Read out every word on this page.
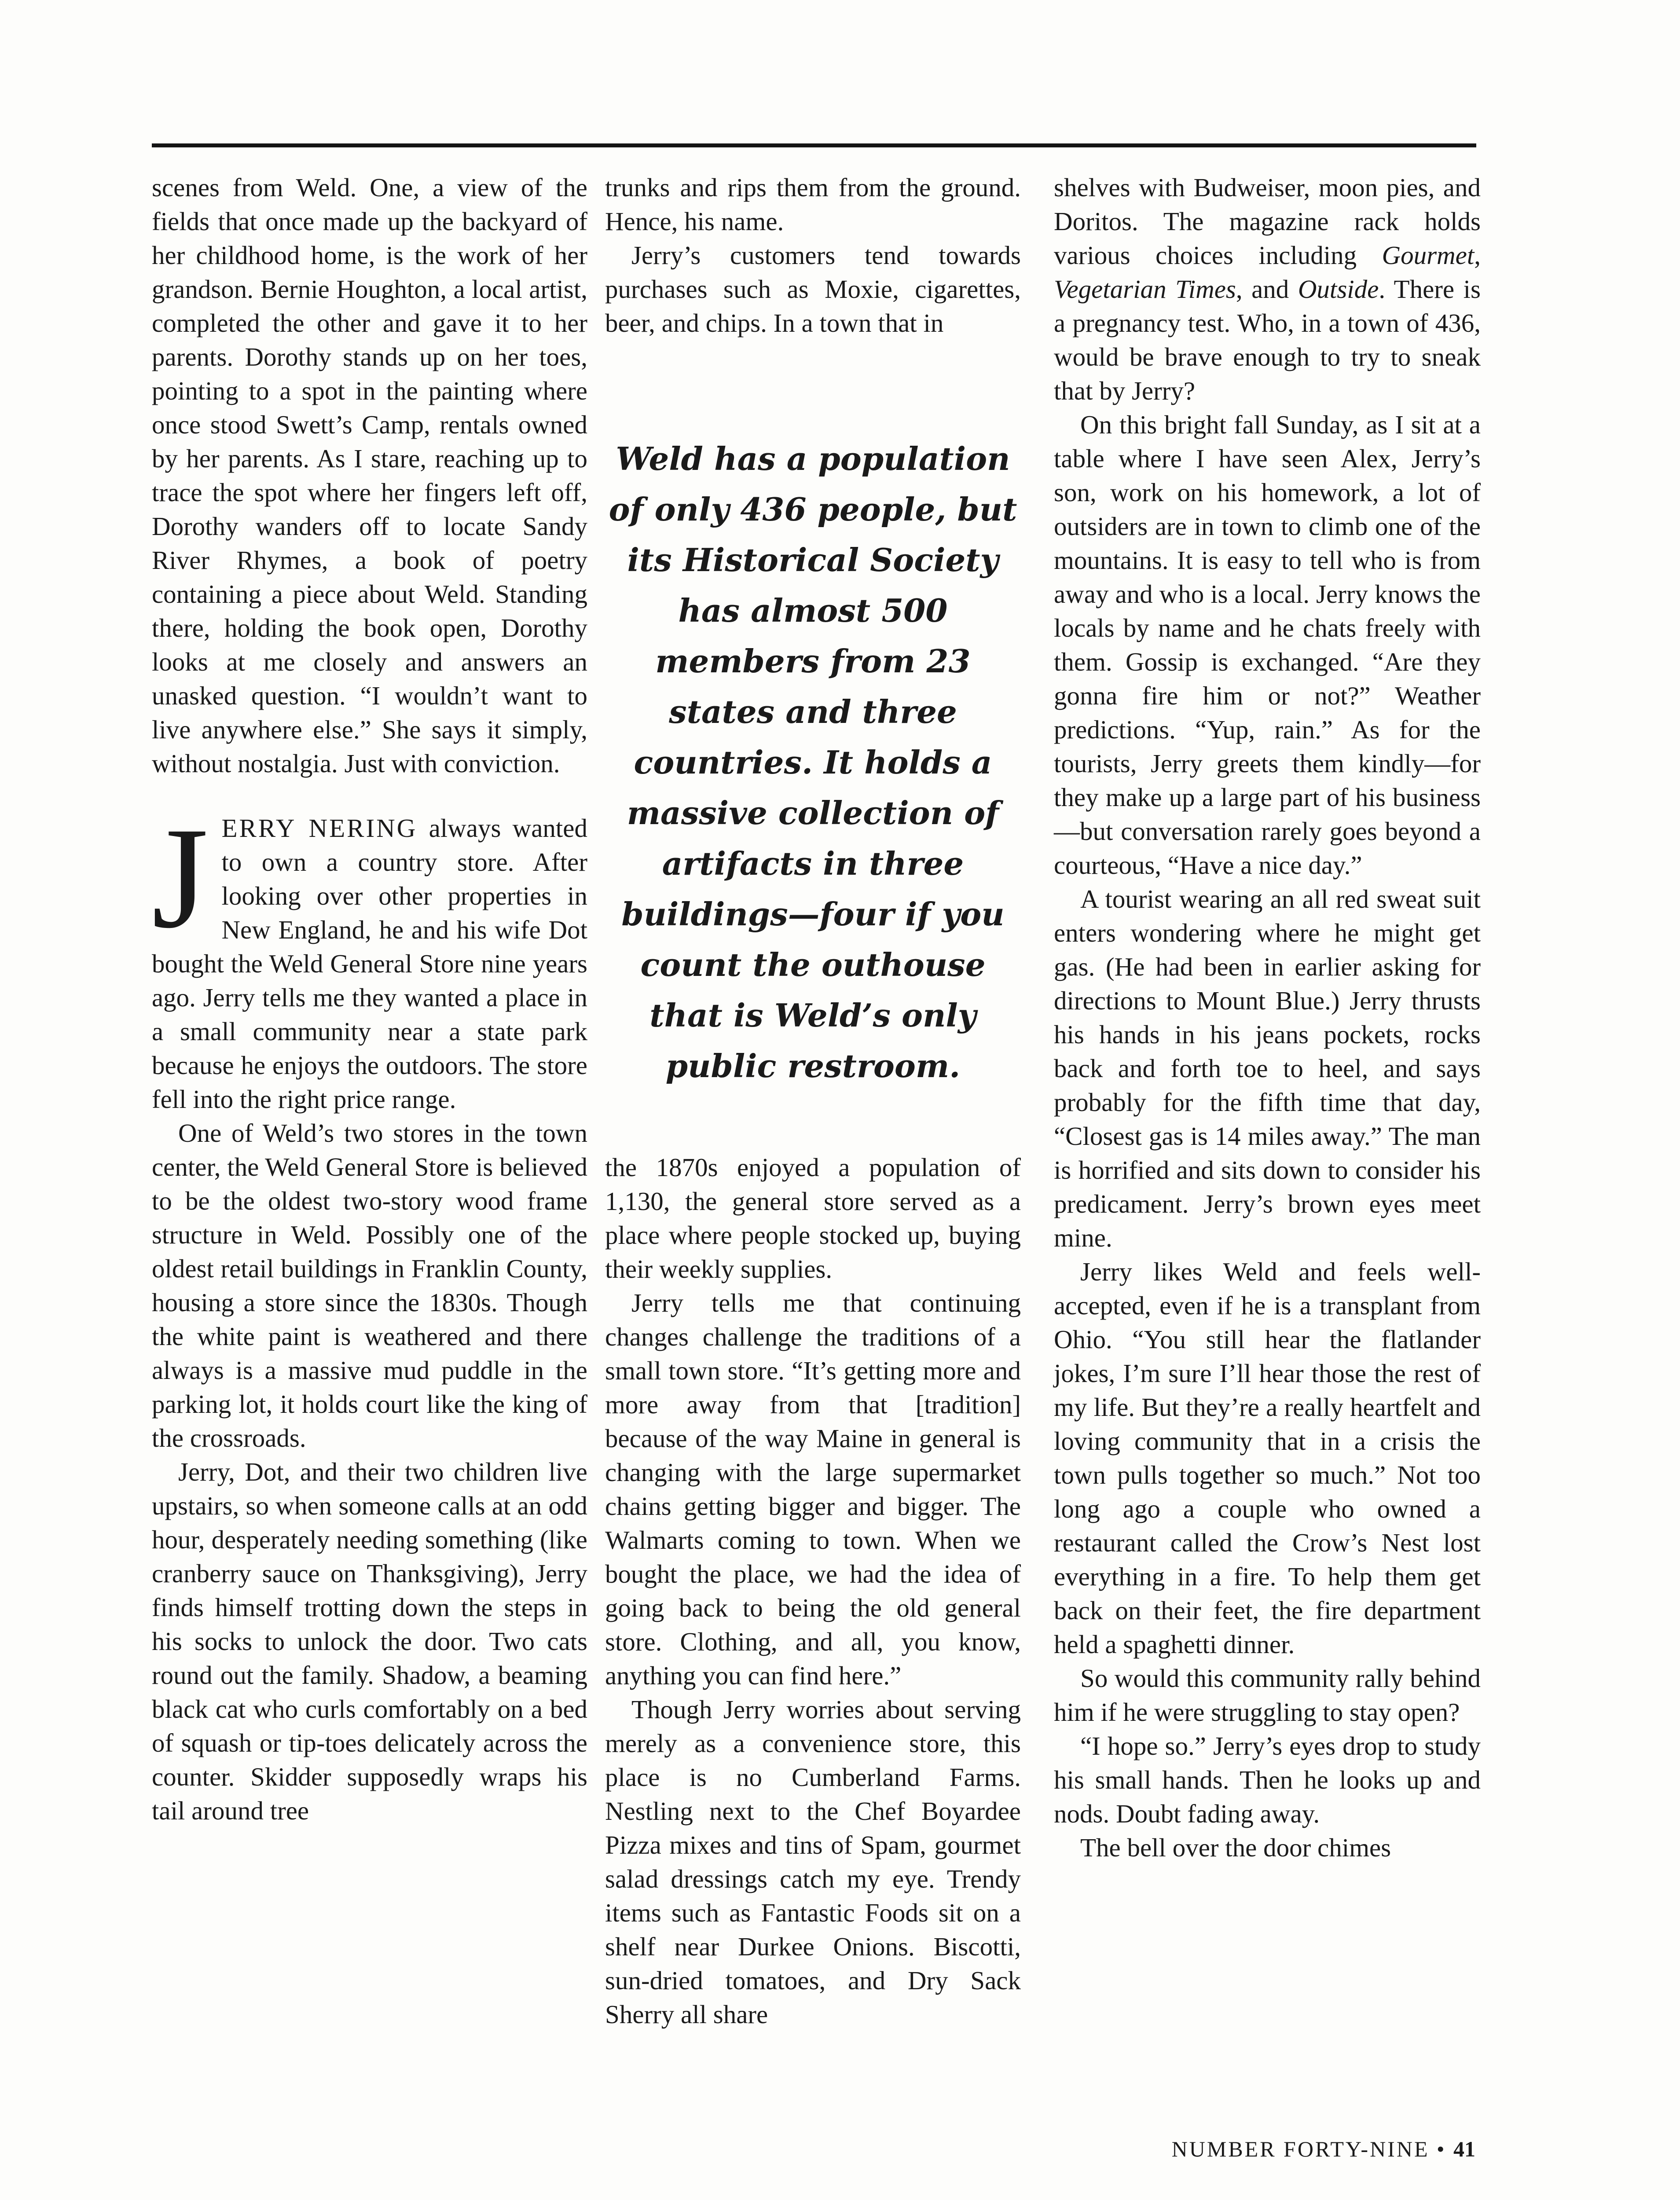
scenes from Weld. One, a view of the fields that once made up the backyard of her childhood home, is the work of her grandson. Bernie Houghton, a local artist, completed the other and gave it to her parents. Dorothy stands up on her toes, pointing to a spot in the painting where once stood Swett’s Camp, rentals owned by her parents. As I stare, reaching up to trace the spot where her fingers left off, Dorothy wanders off to locate Sandy River Rhymes, a book of poetry containing a piece about Weld. Standing there, holding the book open, Dorothy looks at me closely and answers an unasked question. “I wouldn’t want to live anywhere else.” She says it simply, without nostalgia. Just with conviction.

JERRY NERING always wanted to own a country store. After looking over other properties in New England, he and his wife Dot bought the Weld General Store nine years ago. Jerry tells me they wanted a place in a small community near a state park because he enjoys the outdoors. The store fell into the right price range.

One of Weld’s two stores in the town center, the Weld General Store is believed to be the oldest two-story wood frame structure in Weld. Possibly one of the oldest retail buildings in Franklin County, housing a store since the 1830s. Though the white paint is weathered and there always is a massive mud puddle in the parking lot, it holds court like the king of the crossroads.

Jerry, Dot, and their two children live upstairs, so when someone calls at an odd hour, desperately needing something (like cranberry sauce on Thanksgiving), Jerry finds himself trotting down the steps in his socks to unlock the door. Two cats round out the family. Shadow, a beaming black cat who curls comfortably on a bed of squash or tip-toes delicately across the counter. Skidder supposedly wraps his tail around tree

trunks and rips them from the ground. Hence, his name.

Jerry’s customers tend towards purchases such as Moxie, cigarettes, beer, and chips. In a town that in

Weld has a population of only 436 people, but its Historical Society has almost 500 members from 23 states and three countries. It holds a massive collection of artifacts in three buildings—four if you count the outhouse that is Weld’s only public restroom.

the 1870s enjoyed a population of 1,130, the general store served as a place where people stocked up, buying their weekly supplies.

Jerry tells me that continuing changes challenge the traditions of a small town store. “It’s getting more and more away from that [tradition] because of the way Maine in general is changing with the large supermarket chains getting bigger and bigger. The Walmarts coming to town. When we bought the place, we had the idea of going back to being the old general store. Clothing, and all, you know, anything you can find here.”

Though Jerry worries about serving merely as a convenience store, this place is no Cumberland Farms. Nestling next to the Chef Boyardee Pizza mixes and tins of Spam, gourmet salad dressings catch my eye. Trendy items such as Fantastic Foods sit on a shelf near Durkee Onions. Biscotti, sun-dried tomatoes, and Dry Sack Sherry all share

shelves with Budweiser, moon pies, and Doritos. The magazine rack holds various choices including Gourmet, Vegetarian Times, and Outside. There is a pregnancy test. Who, in a town of 436, would be brave enough to try to sneak that by Jerry?

On this bright fall Sunday, as I sit at a table where I have seen Alex, Jerry’s son, work on his homework, a lot of outsiders are in town to climb one of the mountains. It is easy to tell who is from away and who is a local. Jerry knows the locals by name and he chats freely with them. Gossip is exchanged. “Are they gonna fire him or not?” Weather predictions. “Yup, rain.” As for the tourists, Jerry greets them kindly—for they make up a large part of his business—but conversation rarely goes beyond a courteous, “Have a nice day.”

A tourist wearing an all red sweat suit enters wondering where he might get gas. (He had been in earlier asking for directions to Mount Blue.) Jerry thrusts his hands in his jeans pockets, rocks back and forth toe to heel, and says probably for the fifth time that day, “Closest gas is 14 miles away.” The man is horrified and sits down to consider his predicament. Jerry’s brown eyes meet mine.

Jerry likes Weld and feels well-accepted, even if he is a transplant from Ohio. “You still hear the flatlander jokes, I’m sure I’ll hear those the rest of my life. But they’re a really heartfelt and loving community that in a crisis the town pulls together so much.” Not too long ago a couple who owned a restaurant called the Crow’s Nest lost everything in a fire. To help them get back on their feet, the fire department held a spaghetti dinner.

So would this community rally behind him if he were struggling to stay open?

“I hope so.” Jerry’s eyes drop to study his small hands. Then he looks up and nods. Doubt fading away.

The bell over the door chimes

NUMBER FORTY-NINE • 41
